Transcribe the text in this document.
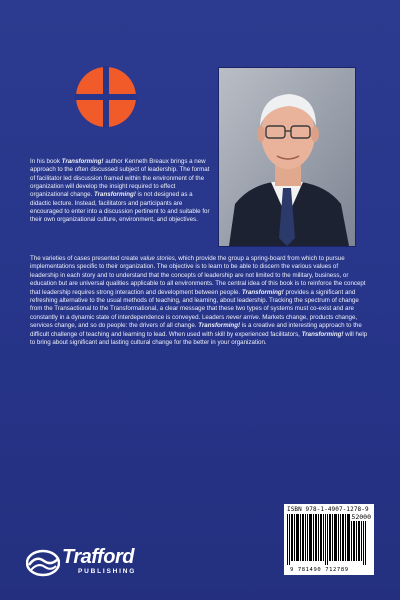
In his book Transforming! author Kenneth Breaux brings a new approach to the often discussed subject of leadership. The format of facilitator led discussion framed within the environment of the organization will develop the insight required to effect organizational change. Transforming! is not designed as a didactic lecture. Instead, facilitators and participants are encouraged to enter into a discussion pertinent to and suitable for their own organizational culture, environment, and objectives.

The varieties of cases presented create value stories, which provide the group a spring-board from which to pursue implementations specific to their organization. The objective is to learn to be able to discern the various values of leadership in each story and to understand that the concepts of leadership are not limited to the military, business, or education but are universal qualities applicable to all environments. The central idea of this book is to reinforce the concept that leadership requires strong interaction and development between people. Transforming! provides a significant and refreshing alternative to the usual methods of teaching, and learning, about leadership. Tracking the spectrum of change from the Transactional to the Transformational, a clear message that these two types of systems must co-exist and are constantly in a dynamic state of interdependence is conveyed. Leaders never arrive. Markets change, products change, services change, and so do people: the drivers of all change. Transforming! is a creative and interesting approach to the difficult challenge of teaching and learning to lead. When used with skill by experienced facilitators, Transforming! will help to bring about significant and lasting cultural change for the better in your organization.

ISBN 978-1-4907-1278-9
52000
9 781490 712789
Trafford
PUBLISHING
